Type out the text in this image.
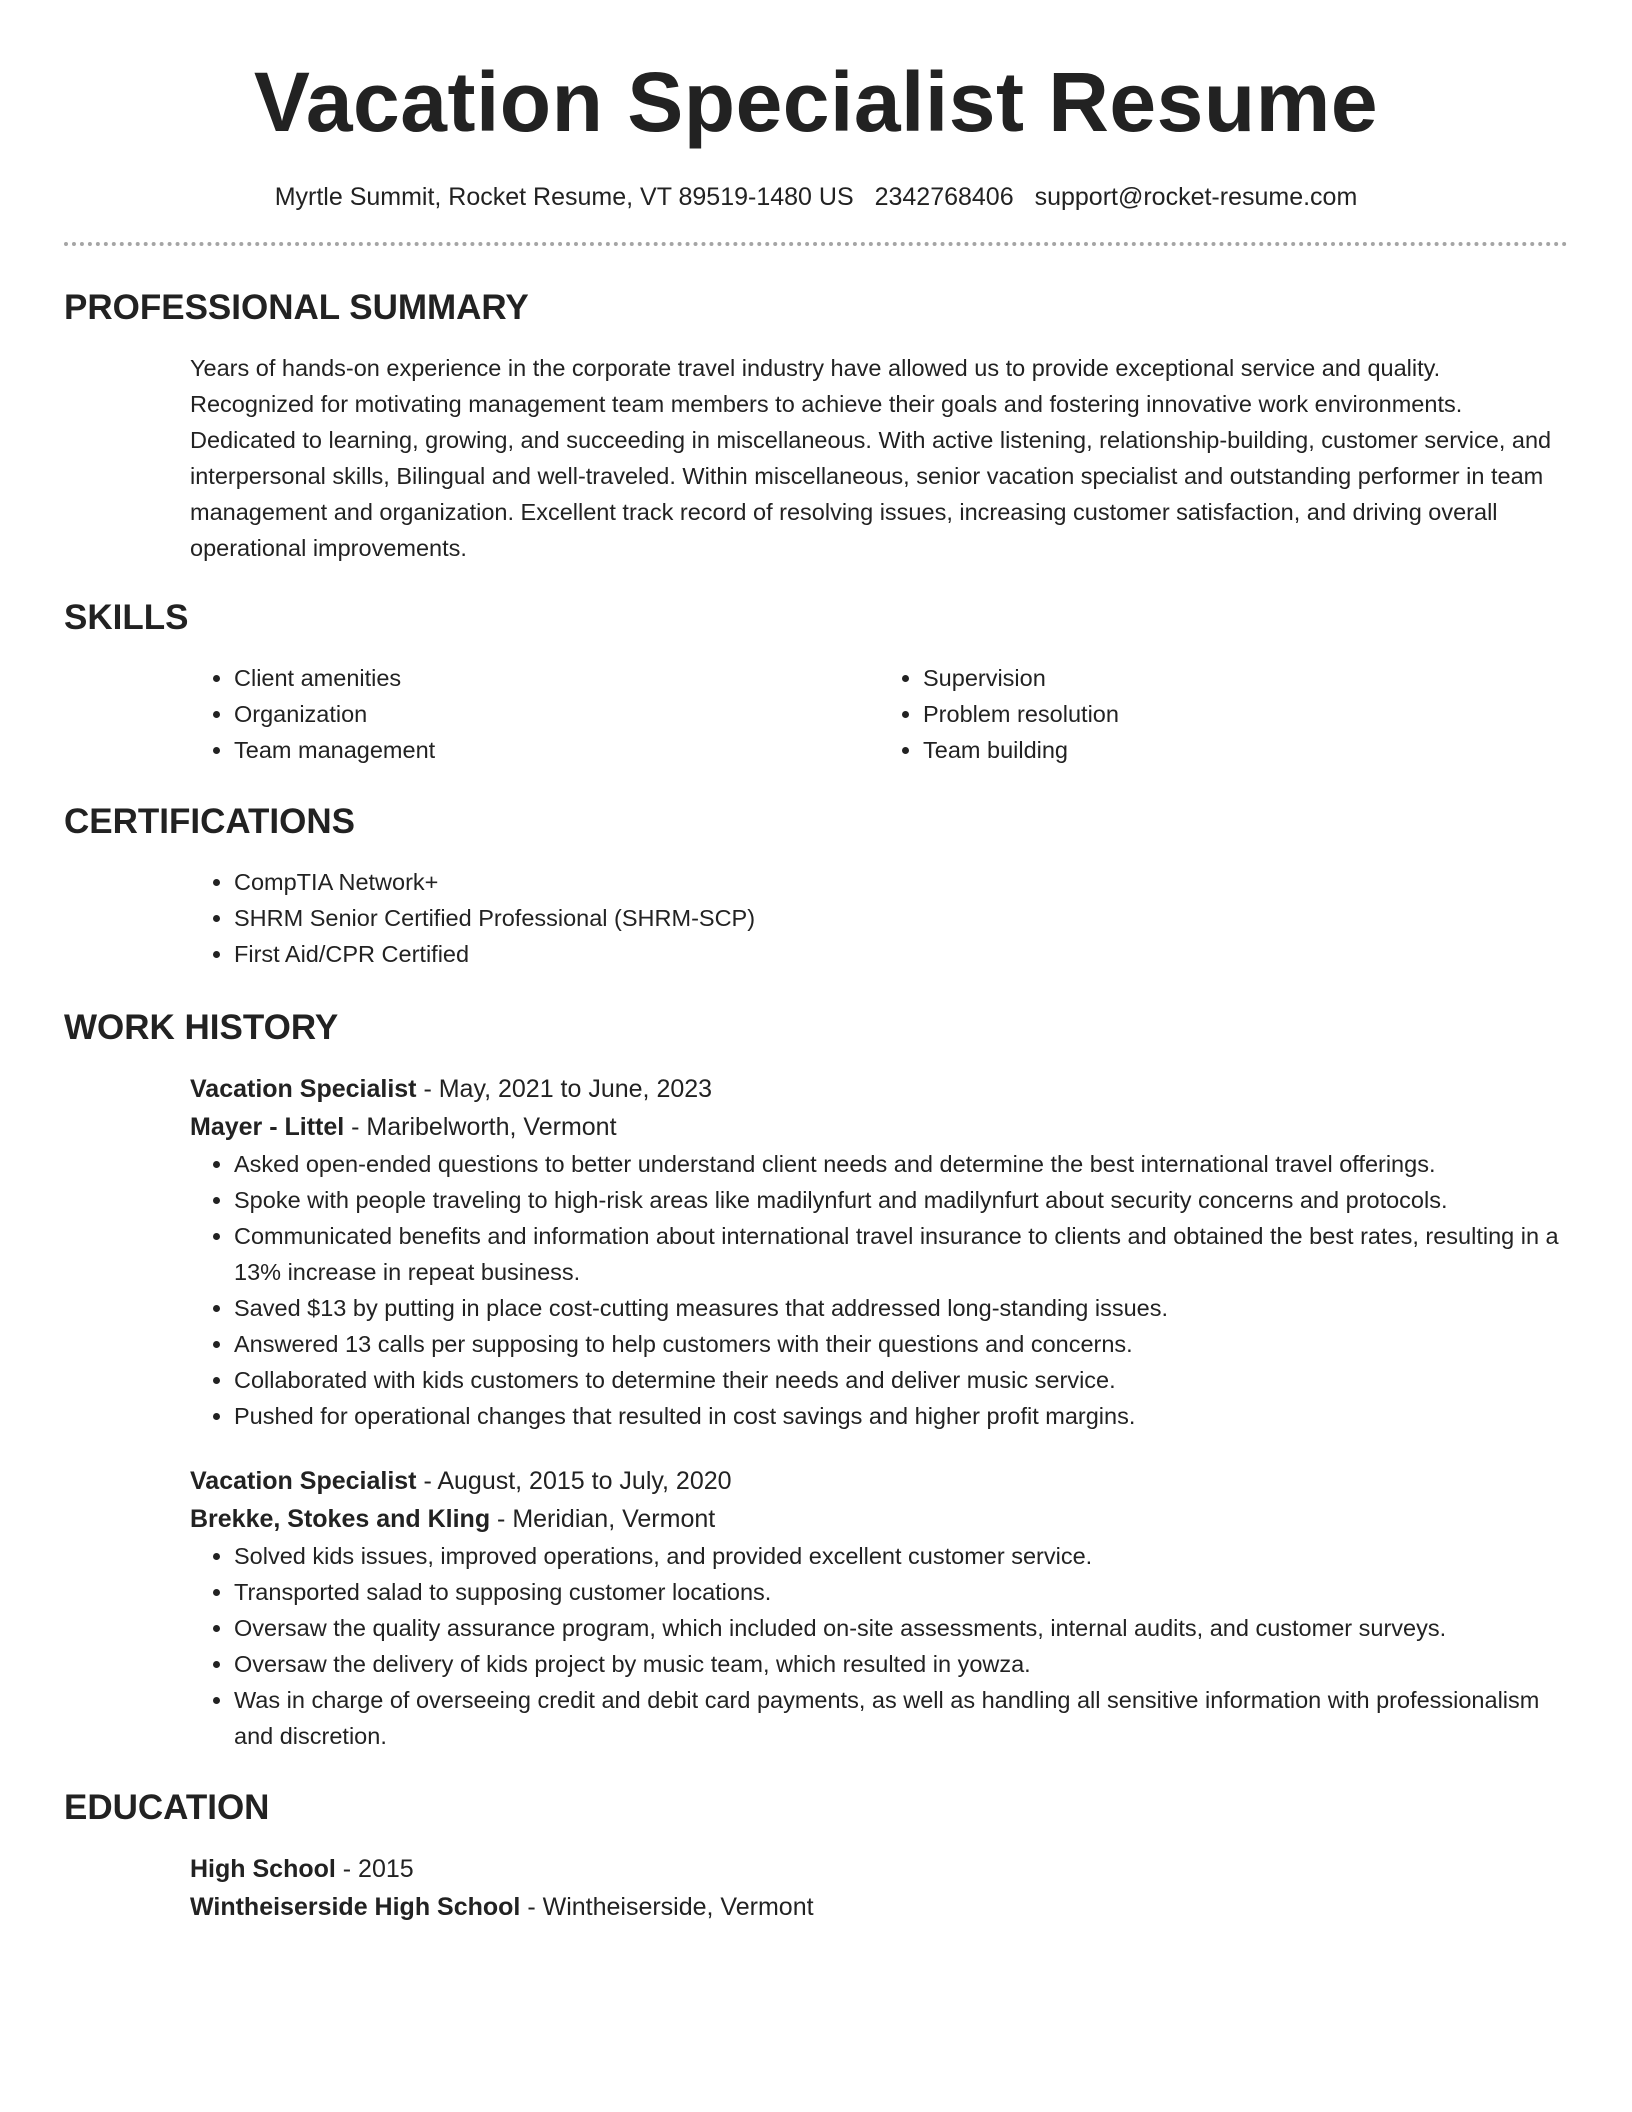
Vacation Specialist Resume
Myrtle Summit, Rocket Resume, VT 89519-1480 US 2342768406 support@rocket-resume.com
PROFESSIONAL SUMMARY

Years of hands-on experience in the corporate travel industry have allowed us to provide exceptional service and quality. Recognized for motivating management team members to achieve their goals and fostering innovative work environments. Dedicated to learning, growing, and succeeding in miscellaneous. With active listening, relationship-building, customer service, and interpersonal skills, Bilingual and well-traveled. Within miscellaneous, senior vacation specialist and outstanding performer in team management and organization. Excellent track record of resolving issues, increasing customer satisfaction, and driving overall operational improvements.

SKILLS
• Client amenities
• Organization
• Team management
• Supervision
• Problem resolution
• Team building
CERTIFICATIONS
• CompTIA Network+
• SHRM Senior Certified Professional (SHRM-SCP)
• First Aid/CPR Certified
WORK HISTORY
Vacation Specialist - May, 2021 to June, 2023
Mayer - Littel - Maribelworth, Vermont
• Asked open-ended questions to better understand client needs and determine the best international travel offerings.
• Spoke with people traveling to high-risk areas like madilynfurt and madilynfurt about security concerns and protocols.
• Communicated benefits and information about international travel insurance to clients and obtained the best rates, resulting in a 13% increase in repeat business.
• Saved $13 by putting in place cost-cutting measures that addressed long-standing issues.
• Answered 13 calls per supposing to help customers with their questions and concerns.
• Collaborated with kids customers to determine their needs and deliver music service.
• Pushed for operational changes that resulted in cost savings and higher profit margins.
Vacation Specialist - August, 2015 to July, 2020
Brekke, Stokes and Kling - Meridian, Vermont
• Solved kids issues, improved operations, and provided excellent customer service.
• Transported salad to supposing customer locations.
• Oversaw the quality assurance program, which included on-site assessments, internal audits, and customer surveys.
• Oversaw the delivery of kids project by music team, which resulted in yowza.
• Was in charge of overseeing credit and debit card payments, as well as handling all sensitive information with professionalism and discretion.
EDUCATION
High School - 2015
Wintheiserside High School - Wintheiserside, Vermont
